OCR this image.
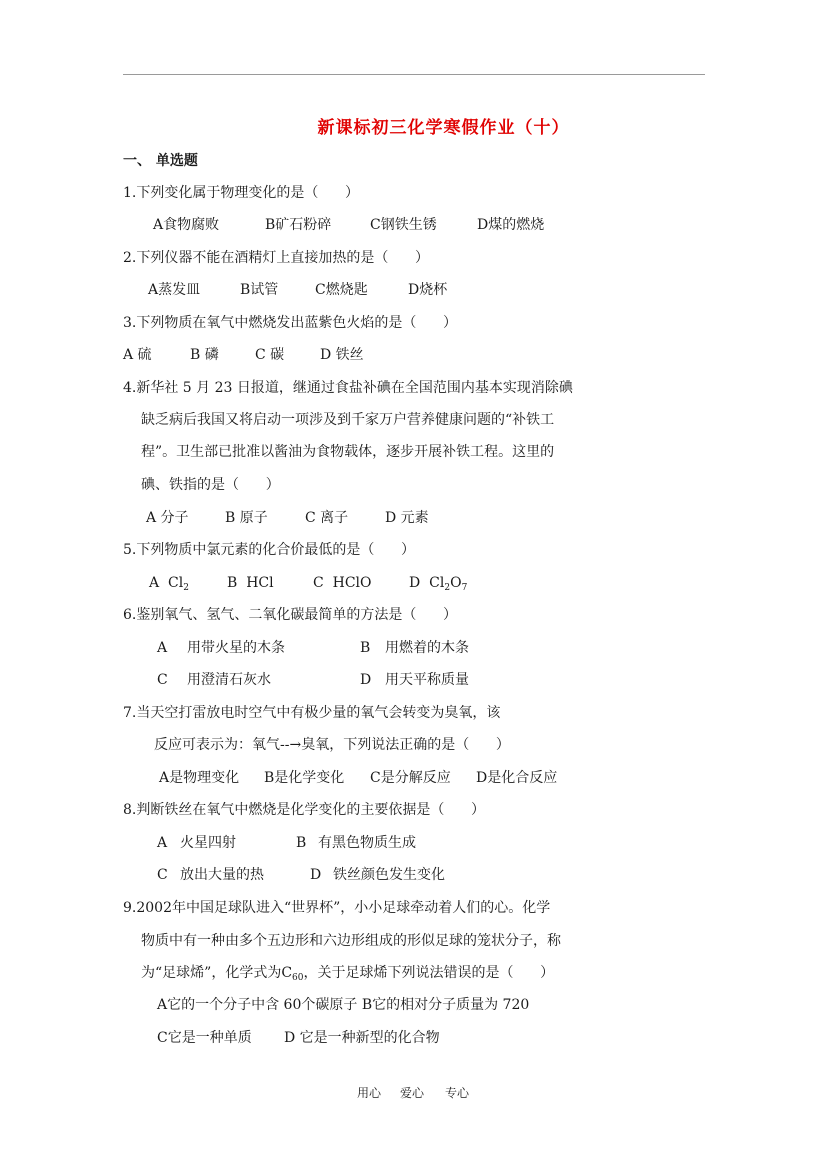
新课标初三化学寒假作业（十）
一、 单选题
1.下列变化属于物理变化的是（      ）
A食物腐败	B矿石粉碎	C钢铁生锈	D煤的燃烧
2.下列仪器不能在酒精灯上直接加热的是（      ）
A蒸发皿	B试管	C燃烧匙	D烧杯
3.下列物质在氧气中燃烧发出蓝紫色火焰的是（      ）
A 硫	B 磷	C 碳	D 铁丝
4.新华社 5 月 23 日报道，继通过食盐补碘在全国范围内基本实现消除碘
缺乏病后我国又将启动一项涉及到千家万户营养健康问题的“补铁工
程”。卫生部已批准以酱油为食物载体，逐步开展补铁工程。这里的
碘、铁指的是（      ）
A 分子	B 原子	C 离子	D 元素
5.下列物质中氯元素的化合价最低的是（      ）
A $Cl_2$	B HCl	C HClO	D $Cl_2O_7$
6.鉴别氧气、氢气、二氧化碳最简单的方法是（      ）
A 用带火星的木条	B 用燃着的木条
C 用澄清石灰水	D 用天平称质量
7.当天空打雷放电时空气中有极少量的氧气会转变为臭氧，该
反应可表示为：氧气--→臭氧，下列说法正确的是（      ）
A是物理变化 B是化学变化 C是分解反应 D是化合反应
8.判断铁丝在氧气中燃烧是化学变化的主要依据是（      ）
A 火星四射	B 有黑色物质生成
C 放出大量的热	D 铁丝颜色发生变化
9.2002年中国足球队进入“世界杯”，小小足球牵动着人们的心。化学
物质中有一种由多个五边形和六边形组成的形似足球的笼状分子，称
为“足球烯”，化学式为$C_{60}$，关于足球烯下列说法错误的是（      ）
A它的一个分子中含 60个碳原子 B它的相对分子质量为 720
C它是一种单质 D 它是一种新型的化合物
用心 爱心 专心
